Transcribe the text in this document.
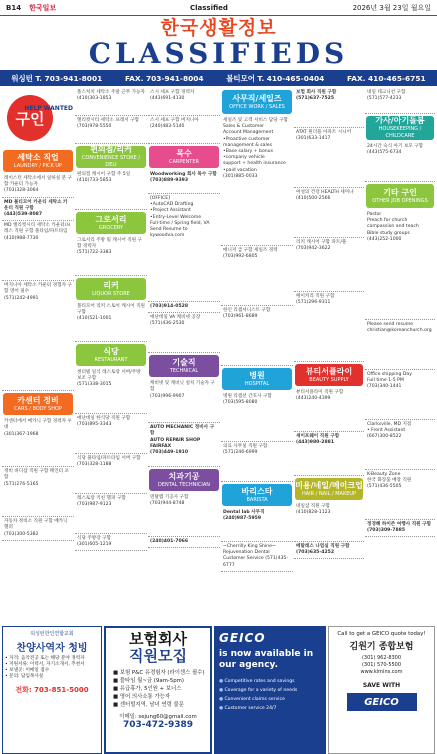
B14 한국일보	Classified	2026년 3월 23일 월요일
한국생활정보
CLASSIFIEDS
워싱턴 T. 703-941-8001	FAX. 703-941-8004	볼티모어 T. 410-465-0404	FAX. 410-465-6751
구인
HELP WANTED
세탁소 직업
LAUNDRY / PICK UP
레이스턴 세탁소에서 일하실 분 구함 카운터 가능자
(703)328-3064
MD 볼티모어 카운티 세탁소 카운터 직원 구함
(443)539-8087
MD 엘리컷시티 세탁소 카운터/프레스 직원 구함 풀타임/파트타임
(410)988-7730
버지니아 세탁소 카운터 경험자 구함 영어 필수
(571)242-4991
카센터 정비
CARS / BODY SHOP
카센터에서 메카닉 구함 경력자 우대
(301)367-1968
정비 바디샵 직원 구함 페인터 포함
(571)276-5165
자동차 정비소 직원 구함 메카닉 헬퍼
(703)300-5382
폴스처치 세탁소 주말 근무 가능자
(410)303-1853
엘리컷시티 세탁소 프레서 구함
(703)978-5550
편의점/리커
CONVENIENCE STORE / DELI
편의점 캐시어 구함 주 5일
(410)733-5853
그로서리
GROCERY
그로서리 주방 및 캐시어 직원 구함 경력자
(571)722-3383
리커
LIQUOR STORE
볼티모어 리커 스토어 캐시어 직원 구함
(410)521-1001
식당
RESTAURANT
센터빌 일식 레스토랑 서버/주방보조 구함
(571)338-3015
애난데일 한식당 직원 구함
(703)895-3343
식당 풀타임/파트타임 서버 구함
(703)328-1188
레스토랑 키친 헬퍼 구함
(703)987-9123
식당 주방장 구함
(301)605-1219
스시 셰프 구함 경력자
(443)691-4130
스시 셰프 구함 버지니아
(240)483-5140
목수
CARPENTER
Woodworking 회사 목수 구함
(703)889-9393
[OFFICE]
•AutoCAD Drafting
•Project Assistant
•Entry-Level Welcome
Full-time / Spring field, VA
Send Resume to
kywoodva.com
(703)914-0528
애난데일 VA 케비넷 공장
(571)436-2530
기술직
TECHNICAL
케비넷 및 캐비닛 설치 기술자 구함
(703)996-9907
AUTO MECHANIC 정비사 구함
AUTO REPAIR SHOP
FAIRFAX
(703)449-1910
치과기공
DENTAL TECHNICIAN
덴탈랩 기공사 구함
(703)944-8748
(240)401-7066
사무직/세일즈
OFFICE WORK / SALES
세일즈 및 고객 서비스 담당 구함
Sales & Customer
Account Management
•Proactive customer
management & sales
•Base salary + bonus
•company vehicle
support + health insurance
•paid vacation
(301)885-0033
매니저 급 구함 세일즈 경력
(703)992-6805
한인 리셉셔니스트 구함
(703)961-8689
병원
HOSPITAL
병원 리셉션 간호사 구함
(703)595-8080
의료 사무실 직원 구함
(571)246-6999
바리스타
BARISTA
Dental lab 사무직
(240)987-5959
~Cherrilly King Shine~
Rejuvenation Dental
Customer Service (571)435-6777
보험 회사 직원 구함
(571)637-7525
ATAT 원더플 아파트 시니어
(301)633-1417
여성의 건강 HEALTH 세미나
(410)500-2566
리커 캐시어 구함 파트/풀
(703)942-3622
베이커리 직원 구함
(571)296-9311
뷰티서플라이
BEAUTY SUPPLY
뷰티서플라이 직원 구함
(443)240-4399
세이프웨이 직원 구함
(443)980-2881
미용/네일/메이크업
HAIR / NAIL / MAKEUP
네일샵 직원 구함
(410)828-1123
메탈레스 나염실 직원 구함
(703)635-4252
네일 테크니션 구함
(571)577-4233
가사/아기돌봄
HOUSEKEEPING / CHILDCARE
24시간 숙식 아기 보모 구함
(443)575-6734
기타 구인
OTHER JOB OPENINGS
Pastor
Preach for church
compassion and teach
Bible study groups
(443)252-1000
Please send resume
christian@koreanchurch.org
Office shipping Day
Full time 1-5 PM
(703)340-1441
Clarksville, MD 지점
• Front Assistant
(667)300-8522
K-Beauty Zone
한국 화장품 매장 직원
(571)436-5505
정경혜 하이즌 여행사 직원 구함
(703)309-7885
워싱턴한인연합교회
찬양사역자 청빙
• 자격: 음악전공 또는 해당 분야 경력자
• 지원서류: 이력서, 자기소개서, 추천서
• 보낼곳: 이메일 접수
• 문의: 담임목사실
전화: 703-851-5000
보험회사
직원모집
■ 보험 P&C 유경험자 (라이센스 필수)
■ 풀타임 월~금 (9am-5pm)
■ 유급휴가, 5인원 + 보너스
■ 영어 의사소통 가능자
■ 센터빌지역, 남녀 연령 불문
이메일: sejung60@gmail.com
703-472-9389
GEICO
is now available in our agency.
● Competitive rates and savings
● Coverage for a variety of needs
● Convenient claims service
● Customer service 24/7
Call to get a GEICO quote today!
김원기 종합보험
(301) 962-8300
(301) 570-5500
www.kimins.com
SAVE WITH
GEICO
